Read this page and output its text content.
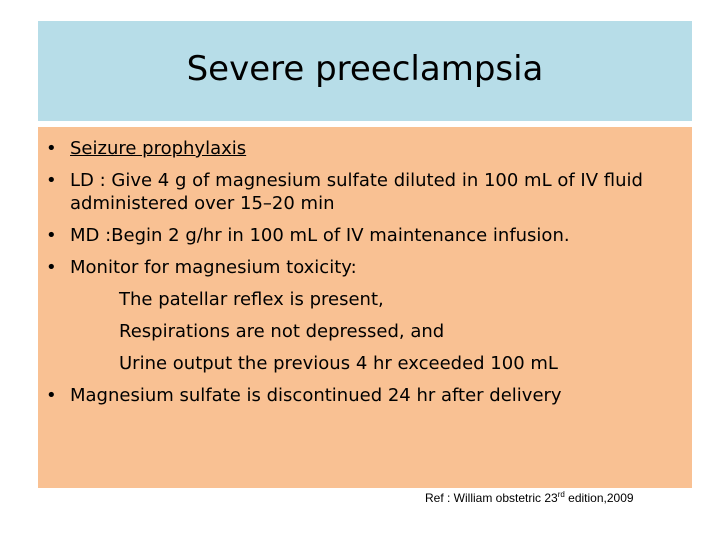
Severe preeclampsia
• Seizure prophylaxis
• LD : Give 4 g of magnesium sulfate diluted in 100 mL of IV fluid administered over 15–20 min
• MD :Begin 2 g/hr in 100 mL of IV maintenance infusion.
• Monitor for magnesium toxicity:
The patellar reflex is present,
Respirations are not depressed, and
Urine output the previous 4 hr exceeded 100 mL
• Magnesium sulfate is discontinued 24 hr after delivery
Ref : William obstetric 23rd edition,2009
